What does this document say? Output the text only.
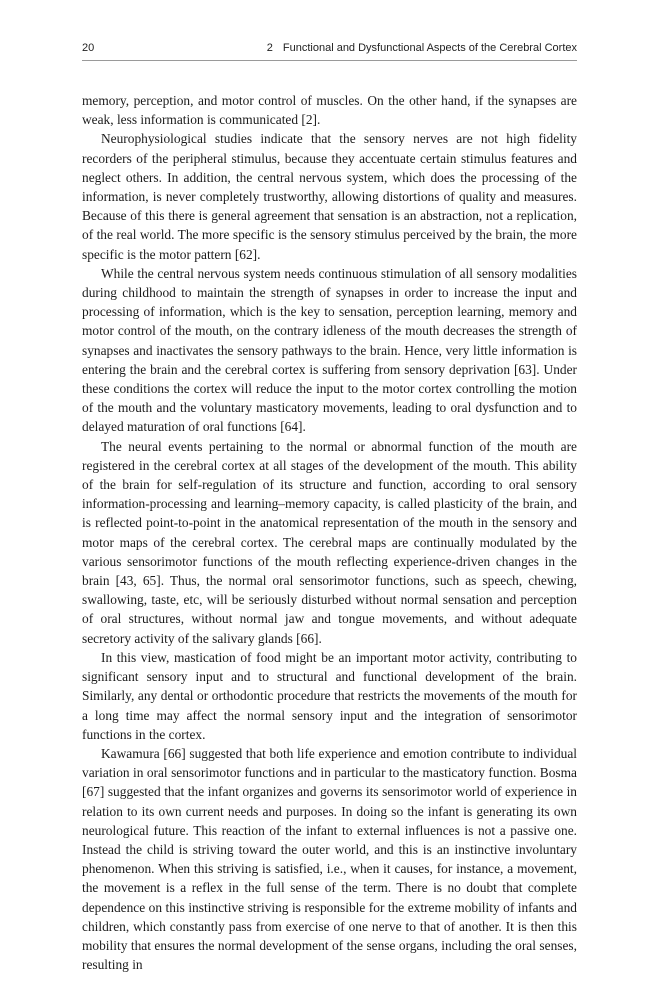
20	2 Functional and Dysfunctional Aspects of the Cerebral Cortex

memory, perception, and motor control of muscles. On the other hand, if the synapses are weak, less information is communicated [2].

Neurophysiological studies indicate that the sensory nerves are not high fidelity recorders of the peripheral stimulus, because they accentuate certain stimulus features and neglect others. In addition, the central nervous system, which does the processing of the information, is never completely trustworthy, allowing distortions of quality and measures. Because of this there is general agreement that sensation is an abstraction, not a replication, of the real world. The more specific is the sensory stimulus perceived by the brain, the more specific is the motor pattern [62].

While the central nervous system needs continuous stimulation of all sensory modalities during childhood to maintain the strength of synapses in order to increase the input and processing of information, which is the key to sensation, perception learning, memory and motor control of the mouth, on the contrary idleness of the mouth decreases the strength of synapses and inactivates the sensory pathways to the brain. Hence, very little information is entering the brain and the cerebral cortex is suffering from sensory deprivation [63]. Under these conditions the cortex will reduce the input to the motor cortex controlling the motion of the mouth and the voluntary masticatory movements, leading to oral dysfunction and to delayed maturation of oral functions [64].

The neural events pertaining to the normal or abnormal function of the mouth are registered in the cerebral cortex at all stages of the development of the mouth. This ability of the brain for self-regulation of its structure and function, according to oral sensory information-processing and learning–memory capacity, is called plasticity of the brain, and is reflected point-to-point in the anatomical representation of the mouth in the sensory and motor maps of the cerebral cortex. The cerebral maps are continually modulated by the various sensorimotor functions of the mouth reflecting experience-driven changes in the brain [43, 65]. Thus, the normal oral sensorimotor functions, such as speech, chewing, swallowing, taste, etc, will be seriously disturbed without normal sensation and perception of oral structures, without normal jaw and tongue movements, and without adequate secretory activity of the salivary glands [66].

In this view, mastication of food might be an important motor activity, contributing to significant sensory input and to structural and functional development of the brain. Similarly, any dental or orthodontic procedure that restricts the movements of the mouth for a long time may affect the normal sensory input and the integration of sensorimotor functions in the cortex.

Kawamura [66] suggested that both life experience and emotion contribute to individual variation in oral sensorimotor functions and in particular to the masticatory function. Bosma [67] suggested that the infant organizes and governs its sensorimotor world of experience in relation to its own current needs and purposes. In doing so the infant is generating its own neurological future. This reaction of the infant to external influences is not a passive one. Instead the child is striving toward the outer world, and this is an instinctive involuntary phenomenon. When this striving is satisfied, i.e., when it causes, for instance, a movement, the movement is a reflex in the full sense of the term. There is no doubt that complete dependence on this instinctive striving is responsible for the extreme mobility of infants and children, which constantly pass from exercise of one nerve to that of another. It is then this mobility that ensures the normal development of the sense organs, including the oral senses, resulting in
